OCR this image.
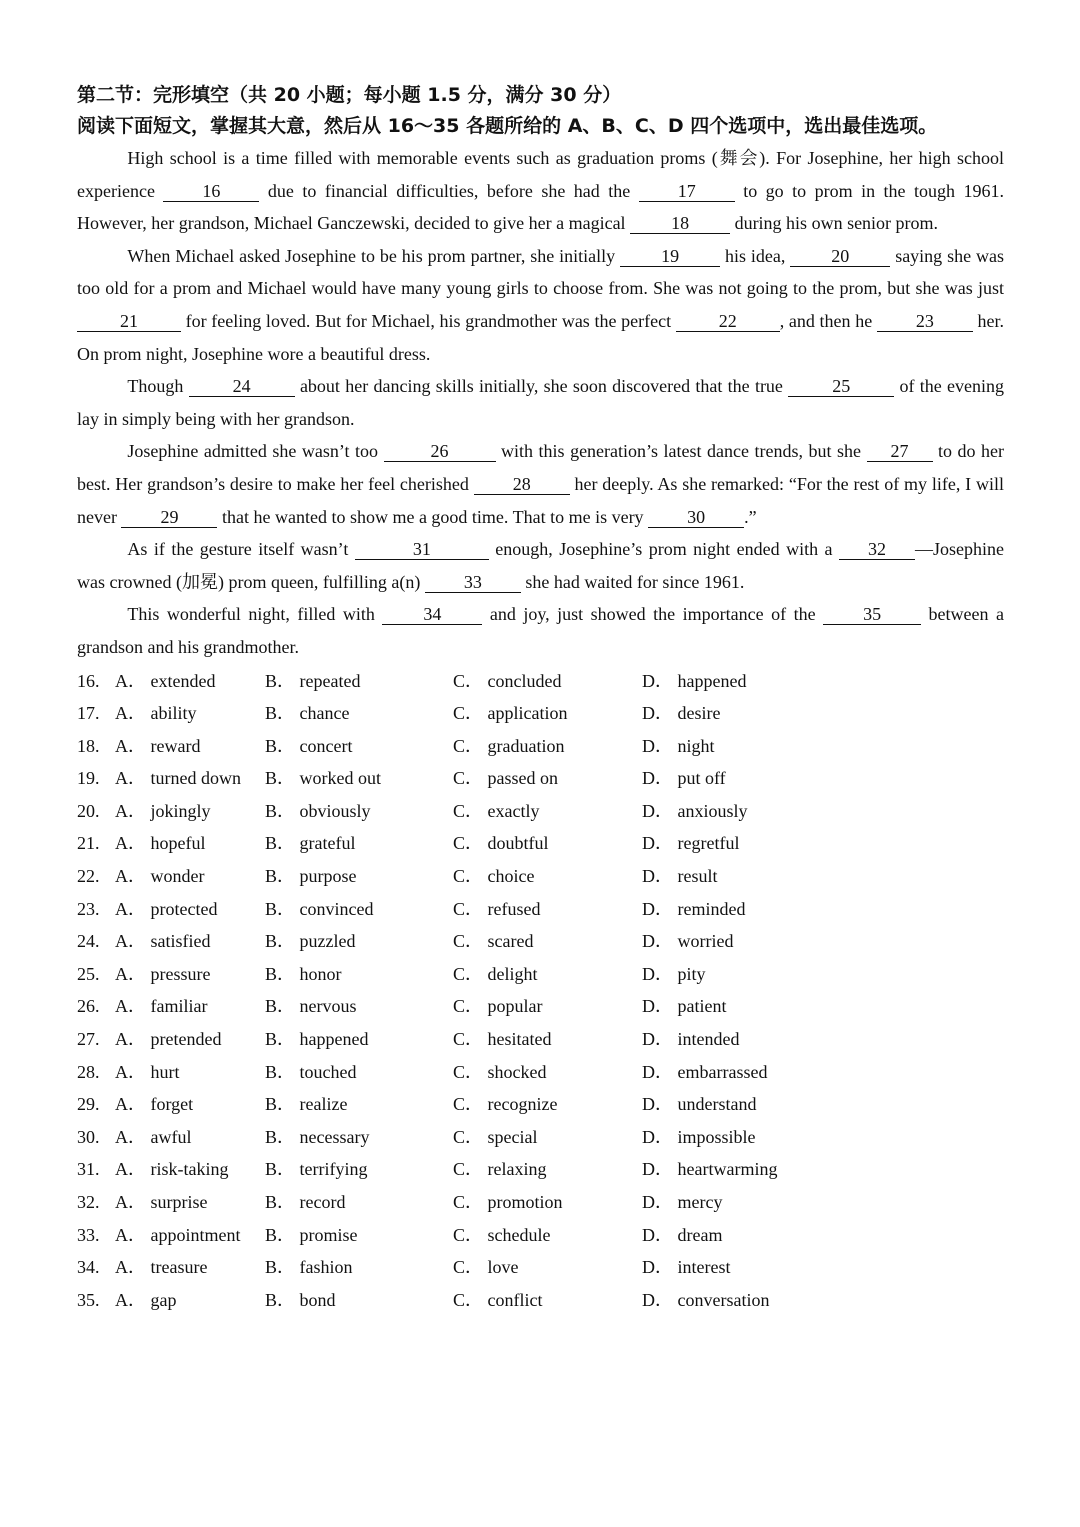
第二节：完形填空（共 20 小题；每小题 1.5 分，满分 30 分）
阅读下面短文，掌握其大意，然后从 16～35 各题所给的 A、B、C、D 四个选项中，选出最佳选项。

High school is a time filled with memorable events such as graduation proms (舞会). For Josephine, her high school experience 16 due to financial difficulties, before she had the 17 to go to prom in the tough 1961. However, her grandson, Michael Ganczewski, decided to give her a magical 18 during his own senior prom.

When Michael asked Josephine to be his prom partner, she initially 19 his idea, 20 saying she was too old for a prom and Michael would have many young girls to choose from. She was not going to the prom, but she was just 21 for feeling loved. But for Michael, his grandmother was the perfect 22 , and then he 23 her. On prom night, Josephine wore a beautiful dress.

Though 24 about her dancing skills initially, she soon discovered that the true 25 of the evening lay in simply being with her grandson.

Josephine admitted she wasn’t too	26	with this generation’s latest dance trends, but she 27 to do her best. Her grandson’s desire to make her feel cherished 28 her deeply. As she remarked: “For the rest of my life, I will never 29 that he wanted to show me a good time. That to me is very 30 .”

As if the gesture itself wasn’t	31	enough, Josephine’s prom night ended with a 32 —Josephine was crowned (加冕) prom queen, fulfilling a(n) 33 she had waited for since 1961.

This wonderful night, filled with 34 and joy, just showed the importance of the 35 between a grandson and his grandmother.

16. A． extended	B． repeated	C． concluded	D． happened
17. A． ability	B． chance	C． application	D． desire
18. A． reward	B． concert	C． graduation	D． night
19. A． turned down B． worked out	C． passed on	D． put off
20. A． jokingly	B． obviously	C． exactly	D． anxiously
21. A． hopeful	B． grateful	C． doubtful	D． regretful
22. A． wonder	B． purpose	C． choice	D． result
23. A． protected	B． convinced	C． refused	D． reminded
24. A． satisfied	B． puzzled	C． scared	D． worried
25. A． pressure	B． honor	C． delight	D． pity
26. A． familiar	B． nervous	C． popular	D． patient
27. A． pretended B． happened	C． hesitated	D． intended
28. A． hurt	B． touched	C． shocked	D． embarrassed
29. A． forget	B． realize	C． recognize	D． understand
30. A． awful	B． necessary	C． special	D． impossible
31. A． risk-taking B． terrifying	C． relaxing	D． heartwarming
32. A． surprise	B． record	C． promotion	D． mercy
33. A． appointment B． promise	C． schedule	D． dream
34. A． treasure	B． fashion	C． love	D． interest
35. A． gap	B． bond	C． conflict	D． conversation
